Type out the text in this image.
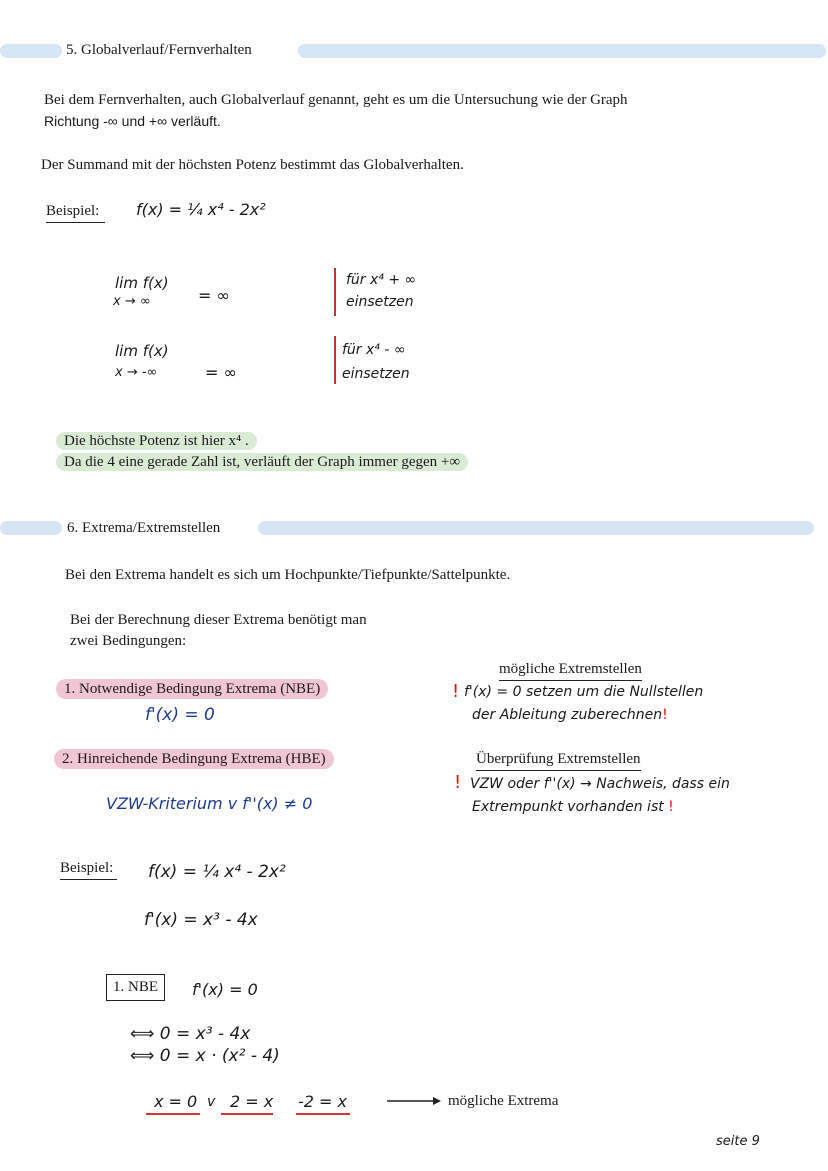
5. Globalverlauf/Fernverhalten
Bei dem Fernverhalten, auch Globalverlauf genannt, geht es um die Untersuchung wie der Graph
Richtung -∞ und +∞ verläuft.
Der Summand mit der höchsten Potenz bestimmt das Globalverhalten.
Beispiel:	f(x) = ¼ x⁴ - 2x²
lim f(x)
x → ∞	= ∞
für x⁴ + ∞
einsetzen
lim f(x)
x → -∞	= ∞
für x⁴ - ∞
einsetzen
Die höchste Potenz ist hier x⁴ .
Da die 4 eine gerade Zahl ist, verläuft der Graph immer gegen +∞
6. Extrema/Extremstellen
Bei den Extrema handelt es sich um Hochpunkte/Tiefpunkte/Sattelpunkte.
Bei der Berechnung dieser Extrema benötigt man
zwei Bedingungen:
1. Notwendige Bedingung Extrema (NBE)
f'(x) = 0
2. Hinreichende Bedingung Extrema (HBE)
VZW-Kriterium v f''(x) ≠ 0
mögliche Extremstellen
! f'(x) = 0 setzen um die Nullstellen
der Ableitung zuberechnen!
Überprüfung Extremstellen
! VZW oder f''(x) → Nachweis, dass ein
Extrempunkt vorhanden ist !
Beispiel: f(x) = ¼ x⁴ - 2x²
f'(x) = x³ - 4x
1. NBE	f'(x) = 0
⟺ 0 = x³ - 4x
⟺ 0 = x · (x² - 4)
x = 0 v 2 = x -2 = x	mögliche Extrema
seite 9
